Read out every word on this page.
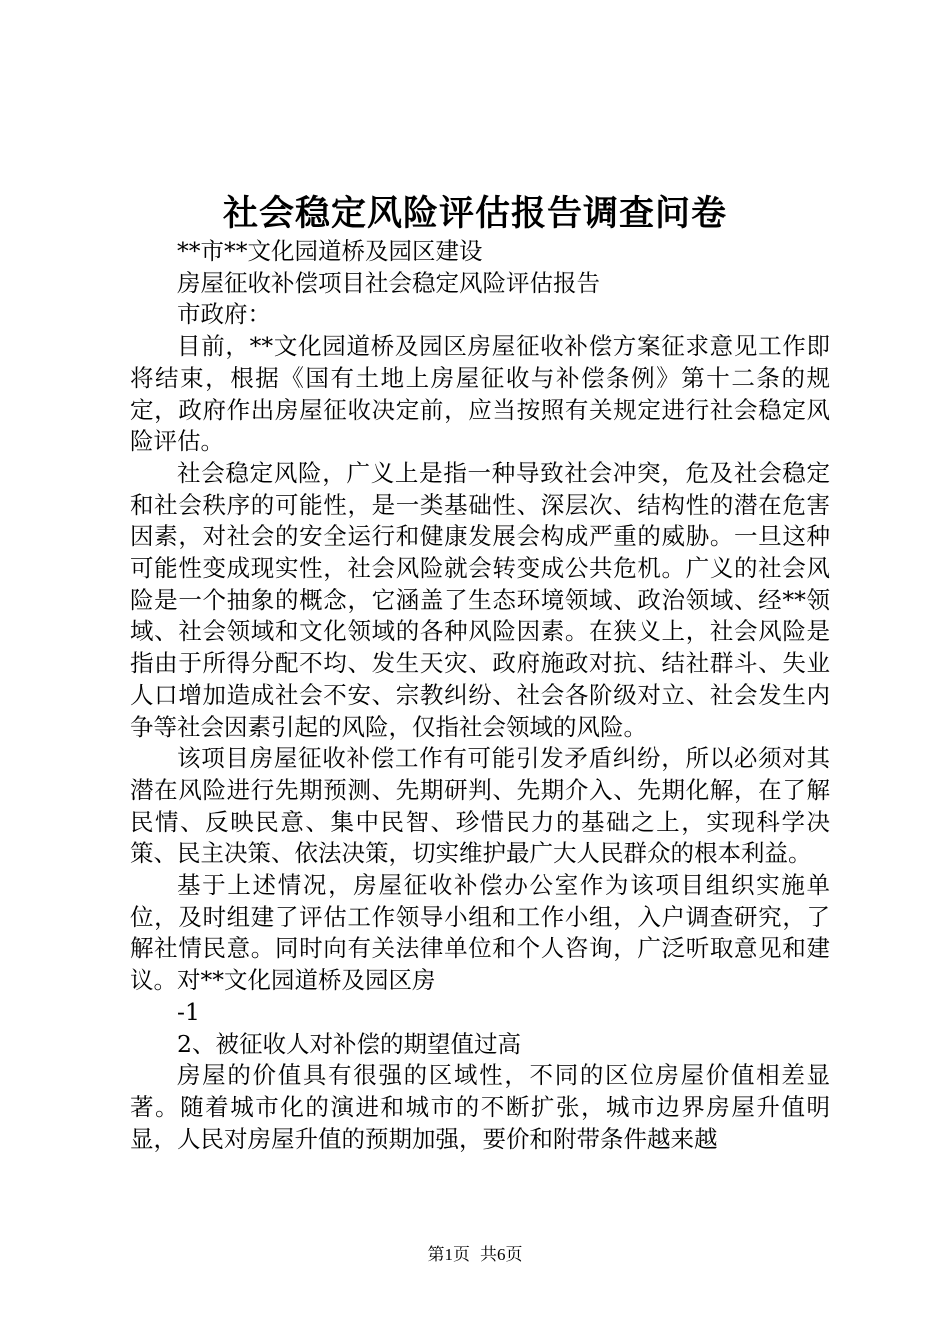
社会稳定风险评估报告调查问卷

**市**文化园道桥及园区建设

房屋征收补偿项目社会稳定风险评估报告

市政府：

目前，**文化园道桥及园区房屋征收补偿方案征求意见工作即将结束，根据《国有土地上房屋征收与补偿条例》第十二条的规定，政府作出房屋征收决定前，应当按照有关规定进行社会稳定风险评估。

社会稳定风险，广义上是指一种导致社会冲突，危及社会稳定和社会秩序的可能性，是一类基础性、深层次、结构性的潜在危害因素，对社会的安全运行和健康发展会构成严重的威胁。一旦这种可能性变成现实性，社会风险就会转变成公共危机。广义的社会风险是一个抽象的概念，它涵盖了生态环境领域、政治领域、经**领域、社会领域和文化领域的各种风险因素。在狭义上，社会风险是指由于所得分配不均、发生天灾、政府施政对抗、结社群斗、失业人口增加造成社会不安、宗教纠纷、社会各阶级对立、社会发生内争等社会因素引起的风险，仅指社会领域的风险。

该项目房屋征收补偿工作有可能引发矛盾纠纷，所以必须对其潜在风险进行先期预测、先期研判、先期介入、先期化解，在了解民情、反映民意、集中民智、珍惜民力的基础之上，实现科学决策、民主决策、依法决策，切实维护最广大人民群众的根本利益。

基于上述情况，房屋征收补偿办公室作为该项目组织实施单位，及时组建了评估工作领导小组和工作小组，入户调查研究，了解社情民意。同时向有关法律单位和个人咨询，广泛听取意见和建议。对**文化园道桥及园区房

-1

2、被征收人对补偿的期望值过高

房屋的价值具有很强的区域性，不同的区位房屋价值相差显著。随着城市化的演进和城市的不断扩张，城市边界房屋升值明显，人民对房屋升值的预期加强，要价和附带条件越来越

第1页 共6页
